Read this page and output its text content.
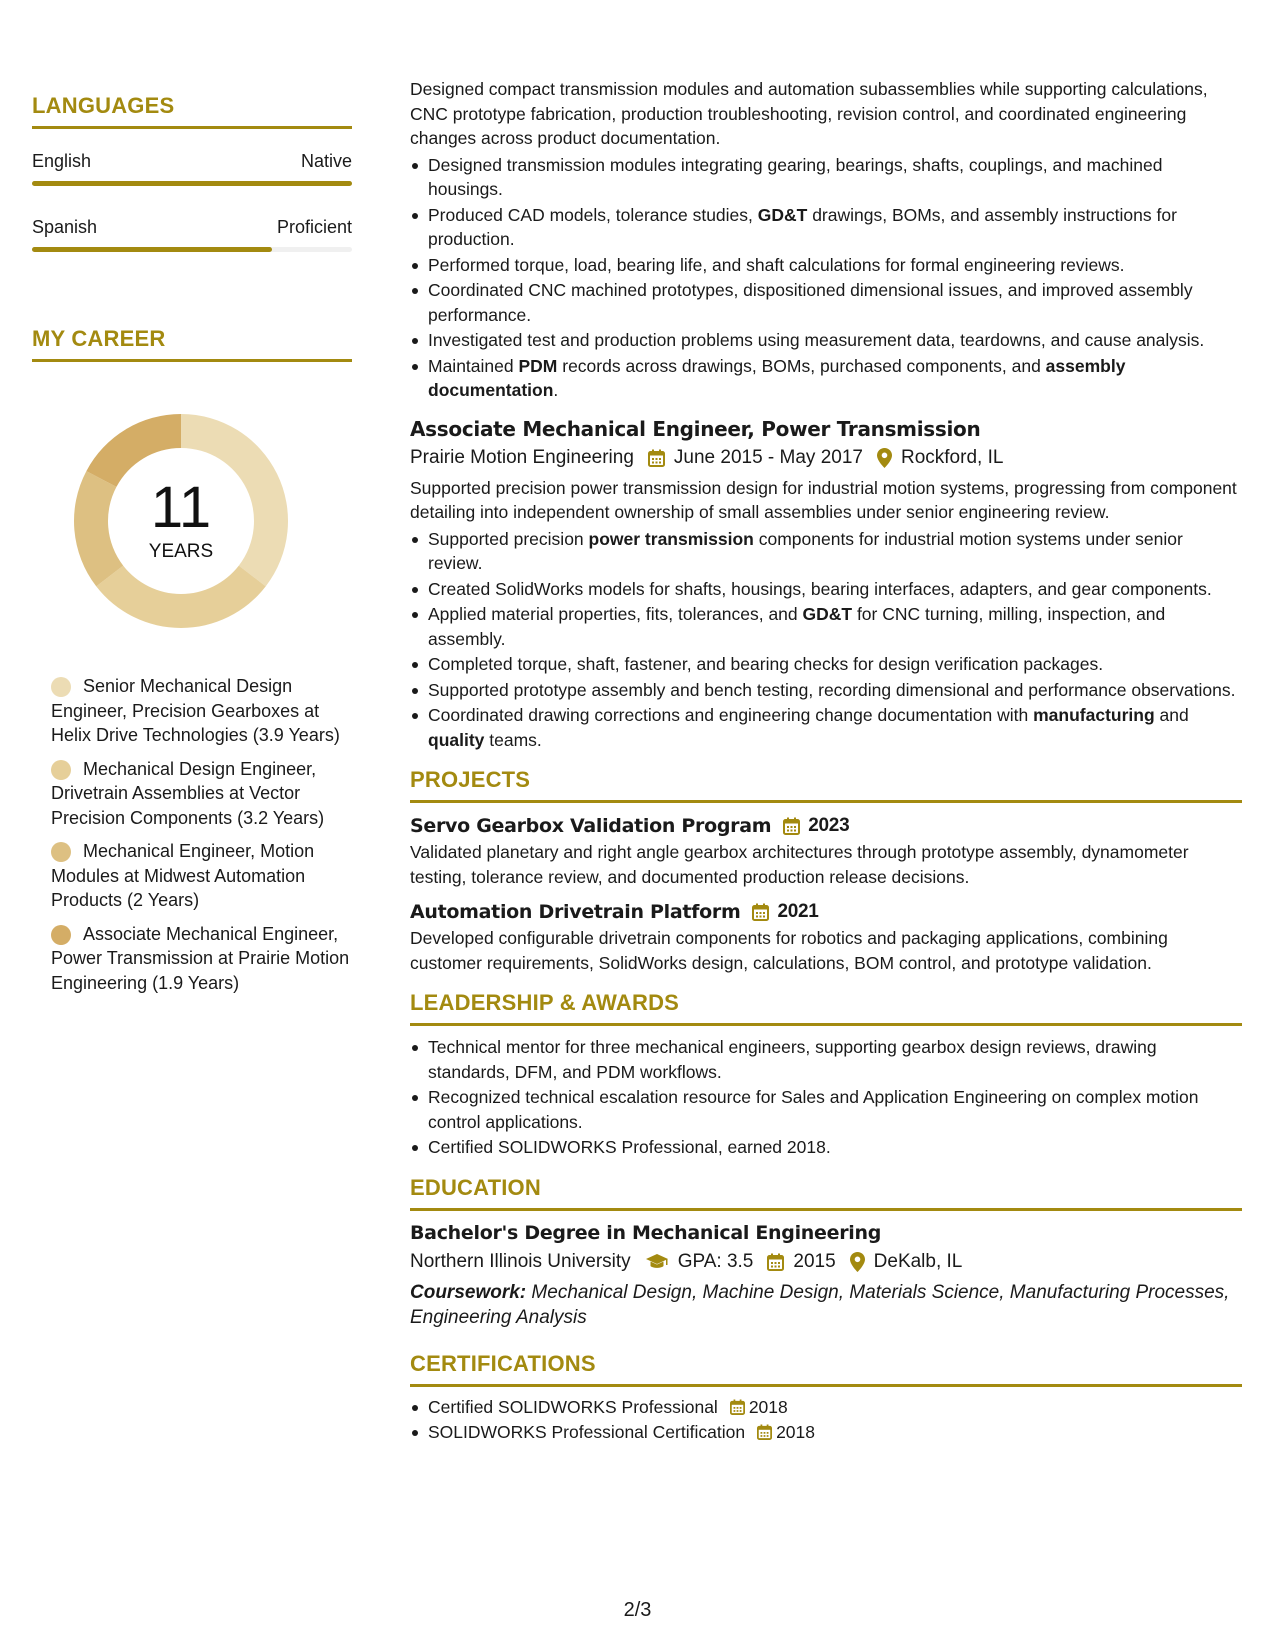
LANGUAGES
English	Native
Spanish	Proficient
MY CAREER
11
YEARS
Senior Mechanical Design Engineer, Precision Gearboxes at Helix Drive Technologies (3.9 Years)
Mechanical Design Engineer, Drivetrain Assemblies at Vector Precision Components (3.2 Years)
Mechanical Engineer, Motion Modules at Midwest Automation Products (2 Years)
Associate Mechanical Engineer, Power Transmission at Prairie Motion Engineering (1.9 Years)
Designed compact transmission modules and automation subassemblies while supporting calculations, CNC prototype fabrication, production troubleshooting, revision control, and coordinated engineering changes across product documentation.
Designed transmission modules integrating gearing, bearings, shafts, couplings, and machined housings.
Produced CAD models, tolerance studies, GD&T drawings, BOMs, and assembly instructions for production.
Performed torque, load, bearing life, and shaft calculations for formal engineering reviews.
Coordinated CNC machined prototypes, dispositioned dimensional issues, and improved assembly performance.
Investigated test and production problems using measurement data, teardowns, and cause analysis.
Maintained PDM records across drawings, BOMs, purchased components, and assembly documentation.
Associate Mechanical Engineer, Power Transmission
Prairie Motion Engineering June 2015 - May 2017 Rockford, IL
Supported precision power transmission design for industrial motion systems, progressing from component detailing into independent ownership of small assemblies under senior engineering review.
Supported precision power transmission components for industrial motion systems under senior review.
Created SolidWorks models for shafts, housings, bearing interfaces, adapters, and gear components.
Applied material properties, fits, tolerances, and GD&T for CNC turning, milling, inspection, and assembly.
Completed torque, shaft, fastener, and bearing checks for design verification packages.
Supported prototype assembly and bench testing, recording dimensional and performance observations.
Coordinated drawing corrections and engineering change documentation with manufacturing and quality teams.
PROJECTS
Servo Gearbox Validation Program 2023
Validated planetary and right angle gearbox architectures through prototype assembly, dynamometer testing, tolerance review, and documented production release decisions.
Automation Drivetrain Platform 2021
Developed configurable drivetrain components for robotics and packaging applications, combining customer requirements, SolidWorks design, calculations, BOM control, and prototype validation.
LEADERSHIP & AWARDS
Technical mentor for three mechanical engineers, supporting gearbox design reviews, drawing standards, DFM, and PDM workflows.
Recognized technical escalation resource for Sales and Application Engineering on complex motion control applications.
Certified SOLIDWORKS Professional, earned 2018.
EDUCATION
Bachelor's Degree in Mechanical Engineering
Northern Illinois University GPA: 3.5 2015 DeKalb, IL
Coursework: Mechanical Design, Machine Design, Materials Science, Manufacturing Processes, Engineering Analysis
CERTIFICATIONS
Certified SOLIDWORKS Professional 2018
SOLIDWORKS Professional Certification 2018
2/3
